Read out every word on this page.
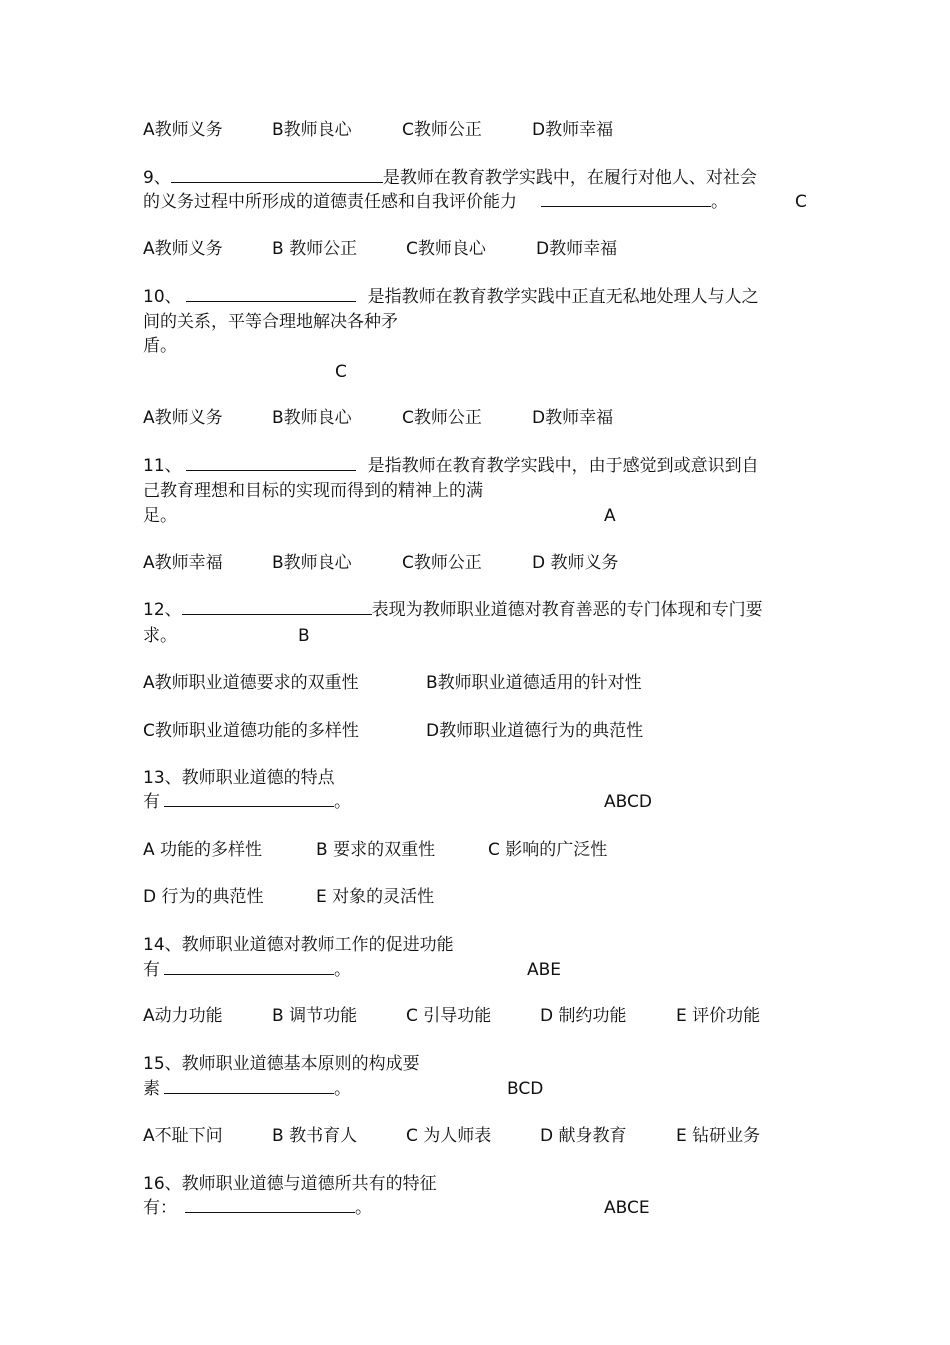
A教师义务	B教师良心	C教师公正	D教师幸福
9、	是教师在教育教学实践中，在履行对他人、对社会
的义务过程中所形成的道德责任感和自我评价能力	。	C
A教师义务	B 教师公正	C教师良心	D教师幸福
10、	是指教师在教育教学实践中正直无私地处理人与人之
间的关系，平等合理地解决各种矛
盾。
C
A教师义务	B教师良心	C教师公正	D教师幸福
11、	是指教师在教育教学实践中，由于感觉到或意识到自
己教育理想和目标的实现而得到的精神上的满
足。	A
A教师幸福	B教师良心	C教师公正	D 教师义务
12、	表现为教师职业道德对教育善恶的专门体现和专门要
求。	B
A教师职业道德要求的双重性	B教师职业道德适用的针对性
C教师职业道德功能的多样性	D教师职业道德行为的典范性
13、教师职业道德的特点
有	。	ABCD
A 功能的多样性	B 要求的双重性	C 影响的广泛性
D 行为的典范性	E 对象的灵活性
14、教师职业道德对教师工作的促进功能
有	。	ABE
A动力功能	B 调节功能	C 引导功能	D 制约功能	E 评价功能
15、教师职业道德基本原则的构成要
素	。	BCD
A不耻下问	B 教书育人	C 为人师表	D 献身教育	E 钻研业务
16、教师职业道德与道德所共有的特征
有：	。	ABCE
